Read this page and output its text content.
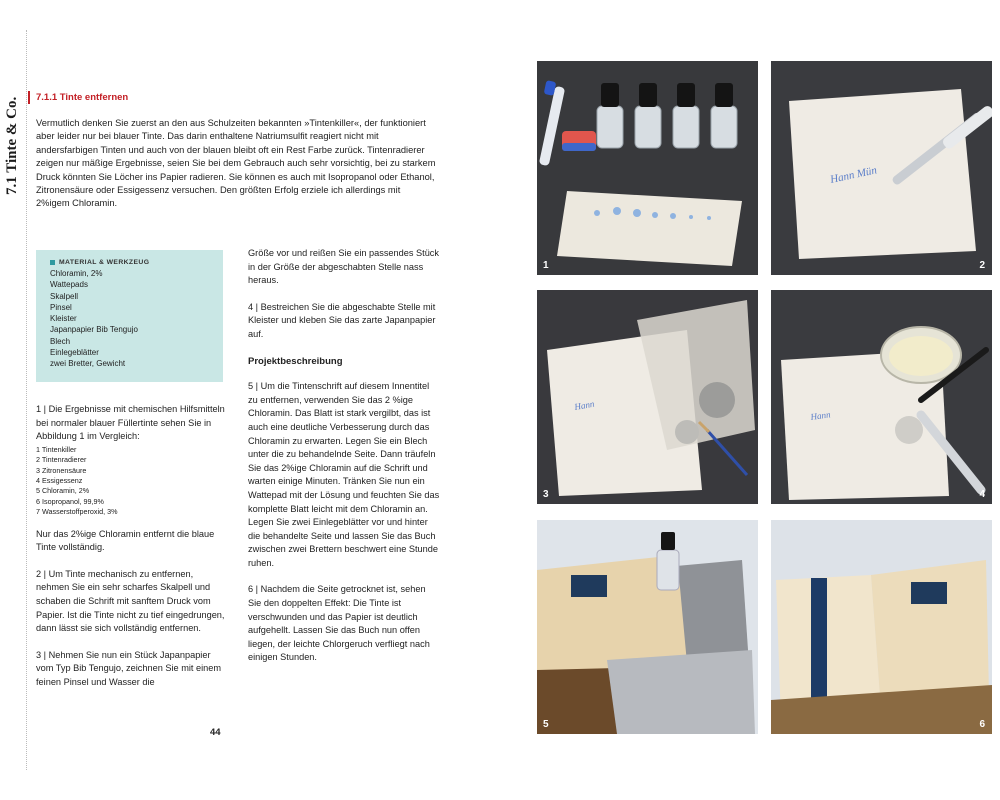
7.1 Tinte & Co.	7.1.1 Tinte entfernen

Vermutlich denken Sie zuerst an den aus Schulzeiten bekannten »Tintenkiller«, der funktioniert aber leider nur bei blauer Tinte. Das darin enthaltene Natriumsulfit reagiert nicht mit andersfarbigen Tinten und auch von der blauen bleibt oft ein Rest Farbe zurück. Tintenradierer zeigen nur mäßige Ergebnisse, seien Sie bei dem Gebrauch auch sehr vorsichtig, bei zu starkem Druck könnten Sie Löcher ins Papier radieren. Sie können es auch mit Isopropanol oder Ethanol, Zitronensäure oder Essigessenz versuchen. Den größten Erfolg erziele ich allerdings mit 2%igem Chloramin.

MATERIAL & WERKZEUG
Chloramin, 2%
Wattepads
Skalpell
Pinsel
Kleister
Japanpapier Bib Tengujo
Blech
Einlegeblätter
zwei Bretter, Gewicht

1 | Die Ergebnisse mit chemischen Hilfsmitteln bei normaler blauer Füllertinte sehen Sie in Abbildung 1 im Vergleich:

1 Tintenkiller
2 Tintenradierer
3 Zitronensäure
4 Essigessenz
5 Chloramin, 2%
6 Isopropanol, 99,9%
7 Wasserstoffperoxid, 3%

Nur das 2%ige Chloramin entfernt die blaue Tinte vollständig.

2 | Um Tinte mechanisch zu entfernen, nehmen Sie ein sehr scharfes Skalpell und schaben die Schrift mit sanftem Druck vom Papier. Ist die Tinte nicht zu tief eingedrungen, dann lässt sie sich vollständig entfernen.

3 | Nehmen Sie nun ein Stück Japanpapier vom Typ Bib Tengujo, zeichnen Sie mit einem feinen Pinsel und Wasser die

Größe vor und reißen Sie ein passendes Stück in der Größe der abgeschabten Stelle nass heraus.

4 | Bestreichen Sie die abgeschabte Stelle mit Kleister und kleben Sie das zarte Japanpapier auf.

Projektbeschreibung

5 | Um die Tintenschrift auf diesem Innentitel zu entfernen, verwenden Sie das 2 %ige Chloramin. Das Blatt ist stark vergilbt, das ist auch eine deutliche Verbesserung durch das Chloramin zu erwarten. Legen Sie ein Blech unter die zu behandelnde Seite. Dann träufeln Sie das 2%ige Chloramin auf die Schrift und warten einige Minuten. Tränken Sie nun ein Wattepad mit der Lösung und feuchten Sie das komplette Blatt leicht mit dem Chloramin an. Legen Sie zwei Einlegeblätter vor und hinter die behandelte Seite und lassen Sie das Buch zwischen zwei Brettern beschwert eine Stunde ruhen.

6 | Nachdem die Seite getrocknet ist, sehen Sie den doppelten Effekt: Die Tinte ist verschwunden und das Papier ist deutlich aufgehellt. Lassen Sie das Buch nun offen liegen, der leichte Chlorgeruch verfliegt nach einigen Stunden.

44
1
Hann Mün
2
Hann
3
Hann
4
5	6
